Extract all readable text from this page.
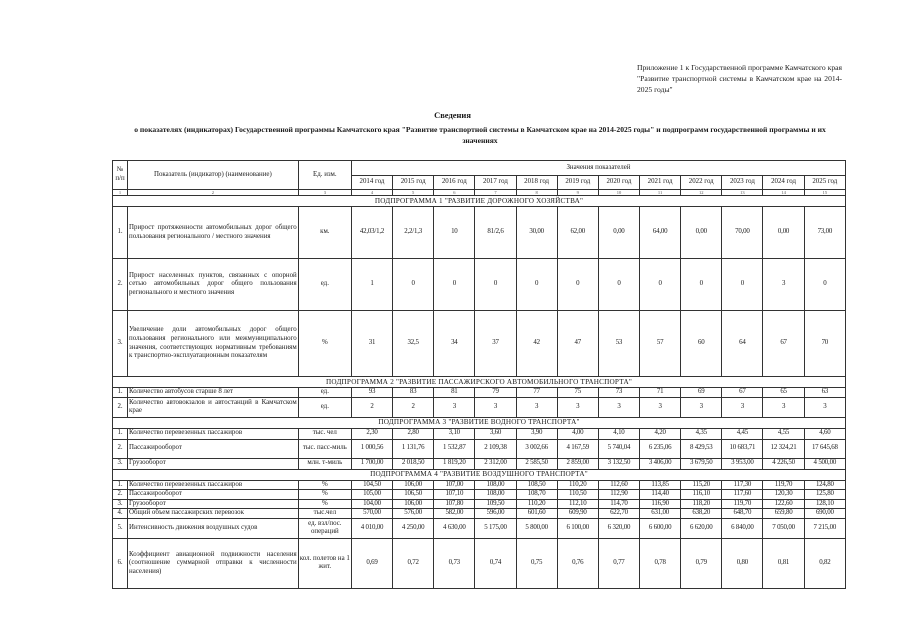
Приложение 1 к Государственной программе Камчатского края "Развитие транспортной системы в Камчатском крае на 2014-2025 годы"
Сведения
о показателях (индикаторах) Государственной программы Камчатского края "Развитие транспортной системы в Камчатском крае на 2014-2025 годы" и подпрограмм государственной программы и их значениях
№ п/п	Показатель (индикатор) (наименование)	Ед. изм.	Значения показателей											
			2014 год	2015 год	2016 год	2017 год	2018 год	2019 год	2020 год	2021 год	2022 год	2023 год	2024 год	2025 год
1	2	3	4	5	6	7	8	9	10	11	12	13	14	15
ПОДПРОГРАММА 1 "РАЗВИТИЕ ДОРОЖНОГО ХОЗЯЙСТВА"														
1.	Прирост протяженности автомобильных дорог общего пользования регионального / местного значения	км.	42,03/1,2	2,2/1,3	10	81/2,6	30,00	62,00	0,00	64,00	0,00	70,00	0,00	73,00
2.	Прирост населенных пунктов, связанных с опорной сетью автомобильных дорог общего пользования регионального и местного значения	ед.	1	0	0	0	0	0	0	0	0	0	3	0
3.	Увеличение доли автомобильных дорог общего пользования регионального или межмуниципального значения, соответствующих нормативным требованиям к транспортно-эксплуатационным показателям	%	31	32,5	34	37	42	47	53	57	60	64	67	70
ПОДПРОГРАММА 2 "РАЗВИТИЕ ПАССАЖИРСКОГО АВТОМОБИЛЬНОГО ТРАНСПОРТА"														
1.	Количество автобусов старше 8 лет	ед.	93	83	81	79	77	75	73	71	69	67	65	63
2.	Количество автовокзалов и автостанций в Камчатском крае	ед.	2	2	3	3	3	3	3	3	3	3	3	3
ПОДПРОГРАММА 3 "РАЗВИТИЕ ВОДНОГО ТРАНСПОРТА"														
1.	Количество перевезенных пассажиров	тыс. чел	2,30	2,80	3,10	3,60	3,90	4,00	4,10	4,20	4,35	4,45	4,55	4,60
2.	Пассажирооборот	тыс. пасс-миль	1 000,56	1 131,76	1 532,87	2 109,38	3 002,66	4 167,59	5 740,04	6 235,06	8 429,53	10 683,71	12 324,21	17 645,68
3.	Грузооборот	млн. т-миль	1 700,00	2 018,50	1 819,20	2 312,00	2 585,50	2 859,00	3 132,50	3 406,00	3 679,50	3 953,00	4 226,50	4 500,00
ПОДПРОГРАММА 4 "РАЗВИТИЕ ВОЗДУШНОГО ТРАНСПОРТА"														
1.	Количество перевезенных пассажиров	%	104,50	106,00	107,00	108,00	108,50	110,20	112,60	113,85	115,20	117,30	119,70	124,80
2.	Пассажирооборот	%	105,00	106,50	107,10	108,00	108,70	110,50	112,90	114,40	116,10	117,60	120,30	125,80
3.	Грузооборот	%	104,00	106,00	107,80	109,50	110,20	112,10	114,70	116,90	118,20	119,70	122,60	128,10
4.	Общий объем пассажирских перевозок	тыс.чел	570,00	576,00	582,00	596,00	601,60	609,90	622,70	631,00	638,20	648,70	659,80	690,00
5.	Интенсивность движения воздушных судов	ед. взл/пос. операций	4 010,00	4 250,00	4 630,00	5 175,00	5 800,00	6 100,00	6 320,00	6 600,00	6 620,00	6 840,00	7 050,00	7 215,00
6.	Коэффициент авиационной подвижности населения (соотношение суммарной отправки к численности населения)	кол. полетов на 1 жит.	0,69	0,72	0,73	0,74	0,75	0,76	0,77	0,78	0,79	0,80	0,81	0,82
